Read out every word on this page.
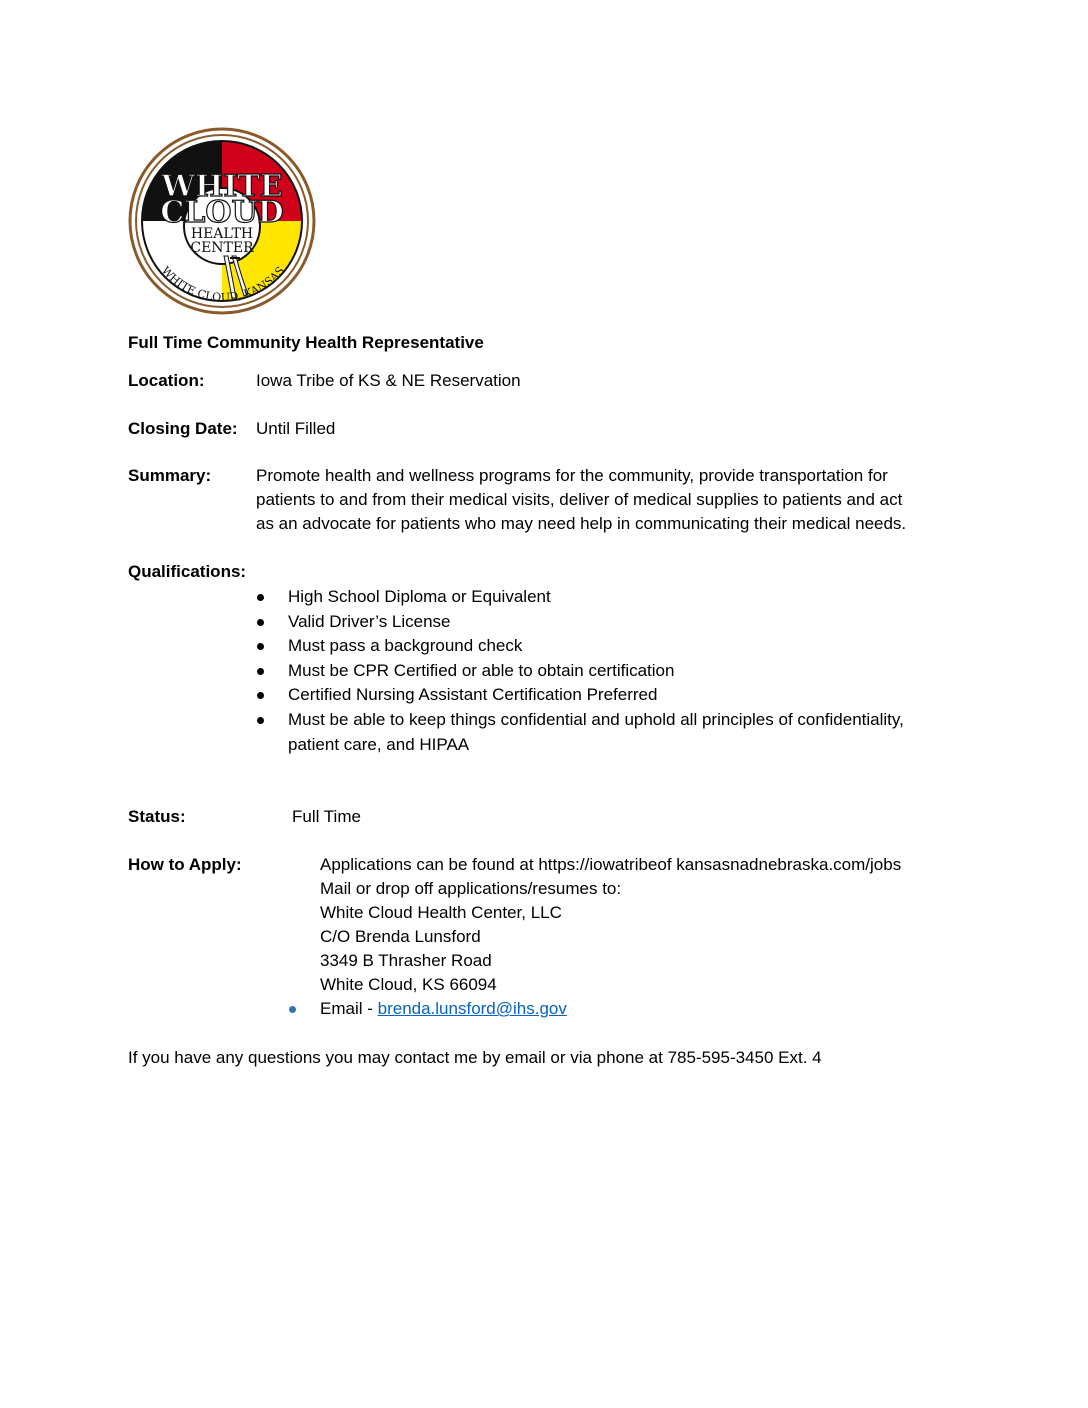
WHITE
CLOUD
HEALTH
CENTER
WHITE CLOUD, KANSAS
Full Time Community Health Representative
Location:	Iowa Tribe of KS & NE Reservation
Closing Date: Until Filled
Summary:	Promote health and wellness programs for the community, provide transportation for
patients to and from their medical visits, deliver of medical supplies to patients and act
as an advocate for patients who may need help in communicating their medical needs.
Qualifications:
High School Diploma or Equivalent
Valid Driver’s License
Must pass a background check
Must be CPR Certified or able to obtain certification
Certified Nursing Assistant Certification Preferred
Must be able to keep things confidential and uphold all principles of confidentiality,
patient care, and HIPAA
Status:	Full Time
How to Apply:	Applications can be found at https://iowatribeof kansasnadnebraska.com/jobs
Mail or drop off applications/resumes to:
White Cloud Health Center, LLC
C/O Brenda Lunsford
3349 B Thrasher Road
White Cloud, KS 66094
Email - brenda.lunsford@ihs.gov
If you have any questions you may contact me by email or via phone at 785-595-3450 Ext. 4
